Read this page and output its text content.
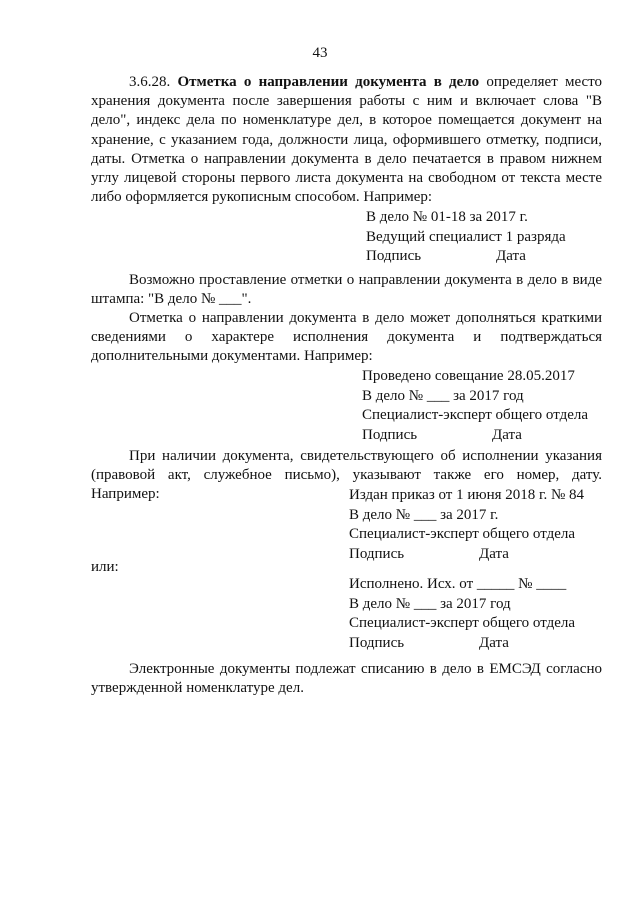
43

3.6.28. Отметка о направлении документа в дело определяет место хранения документа после завершения работы с ним и включает слова "В дело", индекс дела по номенклатуре дел, в которое помещается документ на хранение, с указанием года, должности лица, оформившего отметку, подписи, даты. Отметка о направлении документа в дело печатается в правом нижнем углу лицевой стороны первого листа документа на свободном от текста месте либо оформляется рукописным способом. Например:

В дело № 01-18 за 2017 г.
Ведущий специалист 1 разряда
Подпись	Дата

Возможно проставление отметки о направлении документа в дело в виде штампа: "В дело № ___".

Отметка о направлении документа в дело может дополняться краткими сведениями о характере исполнения документа и подтверждаться дополнительными документами. Например:

Проведено совещание 28.05.2017
В дело № ___ за 2017 год
Специалист-эксперт общего отдела
Подпись	Дата

При наличии документа, свидетельствующего об исполнении указания (правовой акт, служебное письмо), указывают также его номер, дату. Например:	Издан приказ от 1 июня 2018 г. № 84
В дело № ___ за 2017 г.
Специалист-эксперт общего отдела
Подпись	Дата
или:
Исполнено. Исх. от _____ № ____
В дело № ___ за 2017 год
Специалист-эксперт общего отдела
Подпись	Дата

Электронные документы подлежат списанию в дело в ЕМСЭД согласно утвержденной номенклатуре дел.
